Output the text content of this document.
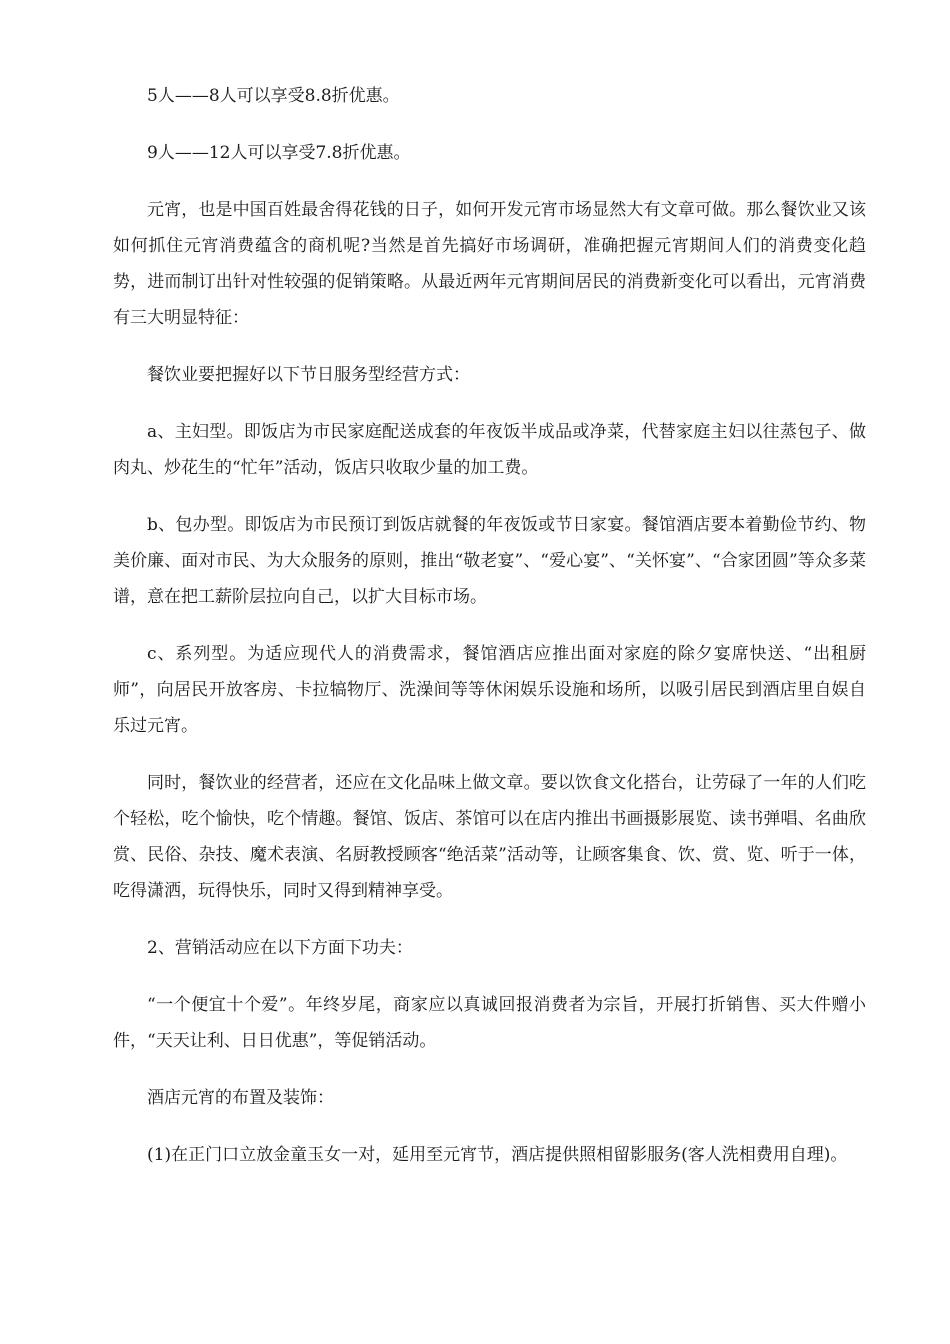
5人——8人可以享受8.8折优惠。

9人——12人可以享受7.8折优惠。

元宵，也是中国百姓最舍得花钱的日子，如何开发元宵市场显然大有文章可做。那么餐饮业又该如何抓住元宵消费蕴含的商机呢?当然是首先搞好市场调研，准确把握元宵期间人们的消费变化趋势，进而制订出针对性较强的促销策略。从最近两年元宵期间居民的消费新变化可以看出，元宵消费有三大明显特征：

餐饮业要把握好以下节日服务型经营方式：

a、主妇型。即饭店为市民家庭配送成套的年夜饭半成品或净菜，代替家庭主妇以往蒸包子、做肉丸、炒花生的“忙年”活动，饭店只收取少量的加工费。

b、包办型。即饭店为市民预订到饭店就餐的年夜饭或节日家宴。餐馆酒店要本着勤俭节约、物美价廉、面对市民、为大众服务的原则，推出“敬老宴”、“爱心宴”、“关怀宴”、“合家团圆”等众多菜谱，意在把工薪阶层拉向自己，以扩大目标市场。

c、系列型。为适应现代人的消费需求，餐馆酒店应推出面对家庭的除夕宴席快送、“出租厨师”，向居民开放客房、卡拉犒物厅、洗澡间等等休闲娱乐设施和场所，以吸引居民到酒店里自娱自乐过元宵。

同时，餐饮业的经营者，还应在文化品味上做文章。要以饮食文化搭台，让劳碌了一年的人们吃个轻松，吃个愉快，吃个情趣。餐馆、饭店、茶馆可以在店内推出书画摄影展览、读书弹唱、名曲欣赏、民俗、杂技、魔术表演、名厨教授顾客“绝活菜”活动等，让顾客集食、饮、赏、览、听于一体，吃得潇洒，玩得快乐，同时又得到精神享受。

2、营销活动应在以下方面下功夫：

“一个便宜十个爱”。年终岁尾，商家应以真诚回报消费者为宗旨，开展打折销售、买大件赠小件，“天天让利、日日优惠”，等促销活动。

酒店元宵的布置及装饰：

(1)在正门口立放金童玉女一对，延用至元宵节，酒店提供照相留影服务(客人洗相费用自理)。
